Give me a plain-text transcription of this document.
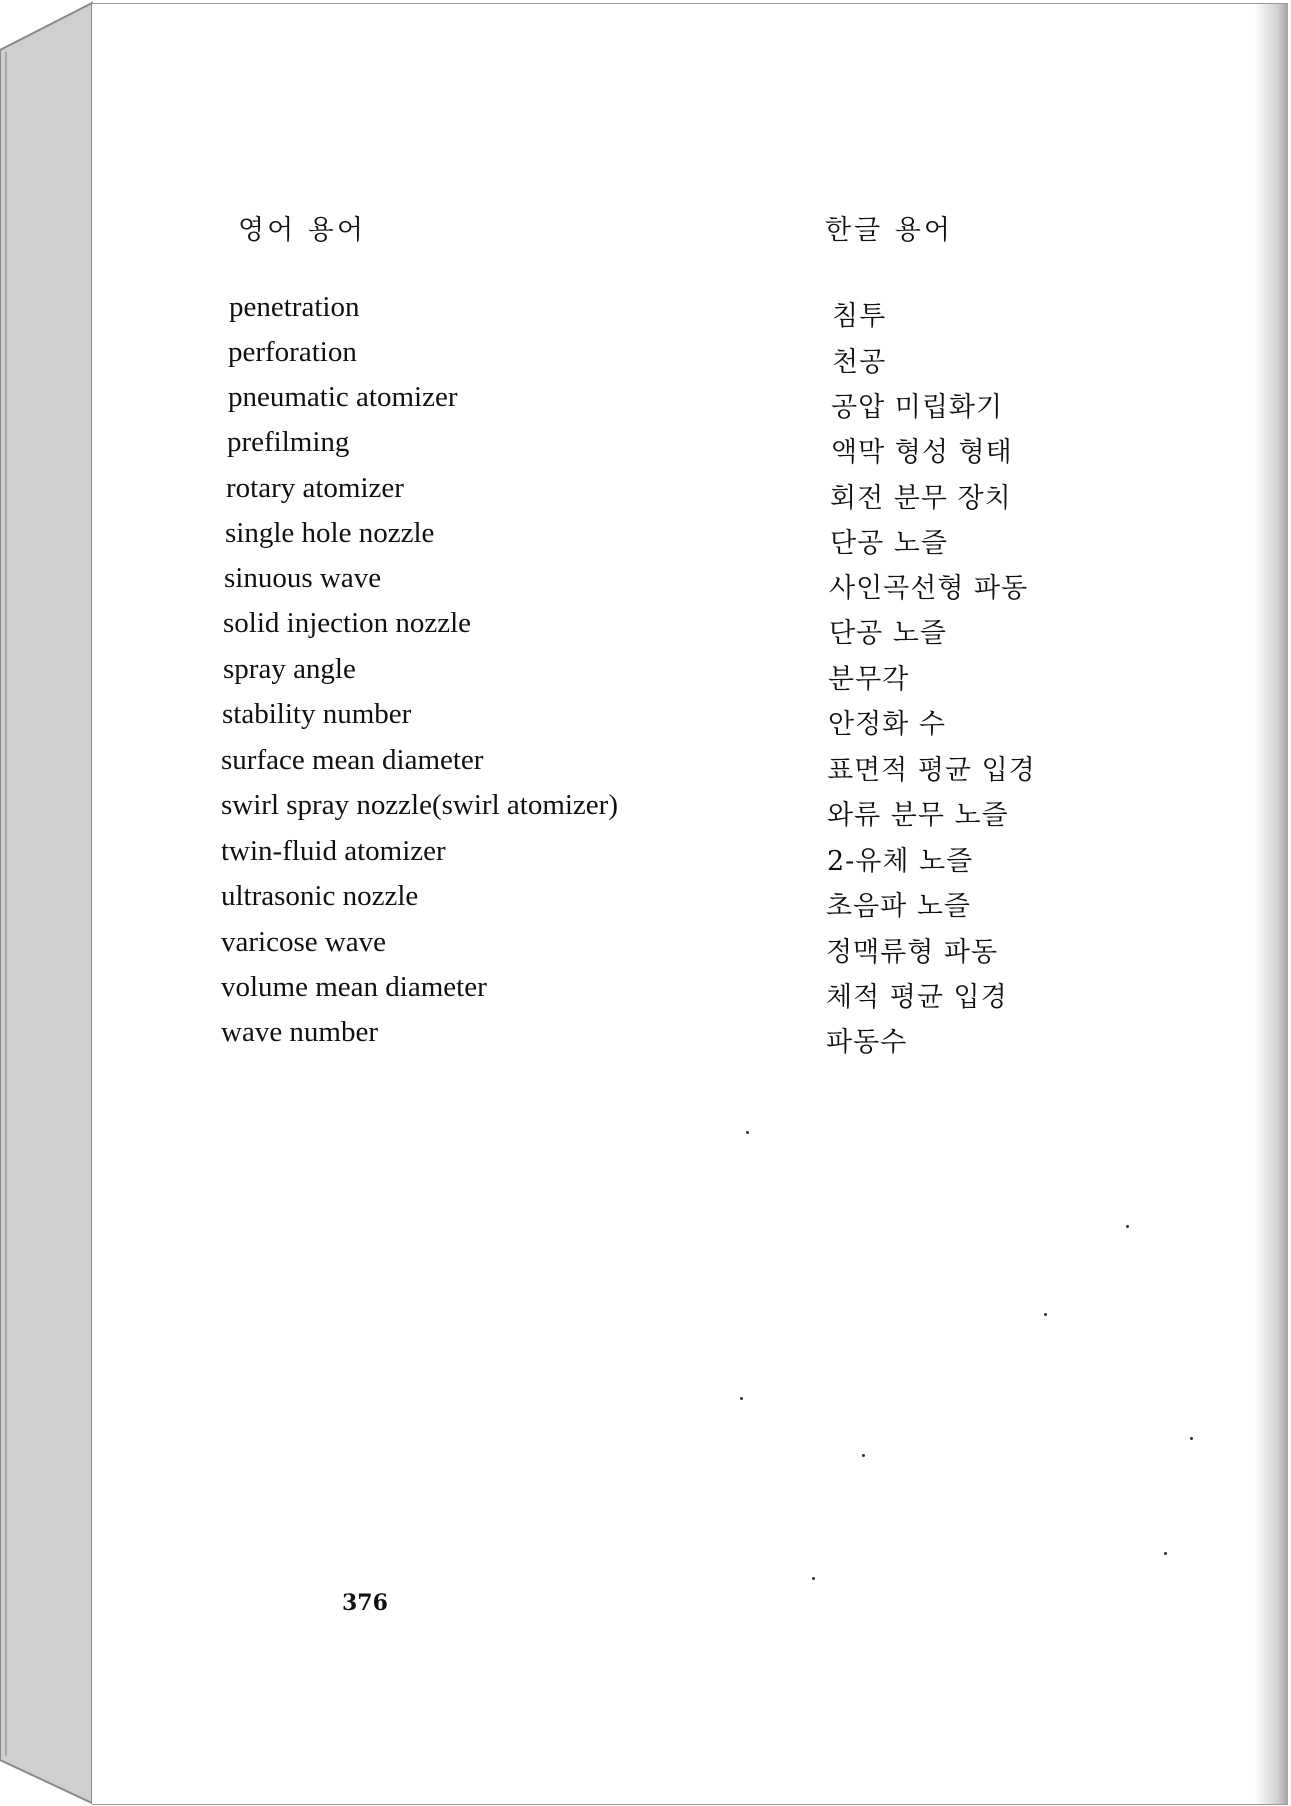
영어 용어	한글 용어
penetration	침투
perforation	천공
pneumatic atomizer	공압 미립화기
prefilming	액막 형성 형태
rotary atomizer	회전 분무 장치
single hole nozzle	단공 노즐
sinuous wave	사인곡선형 파동
solid injection nozzle	단공 노즐
spray angle	분무각
stability number	안정화 수
surface mean diameter	표면적 평균 입경
swirl spray nozzle(swirl atomizer)	와류 분무 노즐
twin-fluid atomizer	2-유체 노즐
ultrasonic nozzle	초음파 노즐
varicose wave	정맥류형 파동
volume mean diameter	체적 평균 입경
wave number	파동수
376
